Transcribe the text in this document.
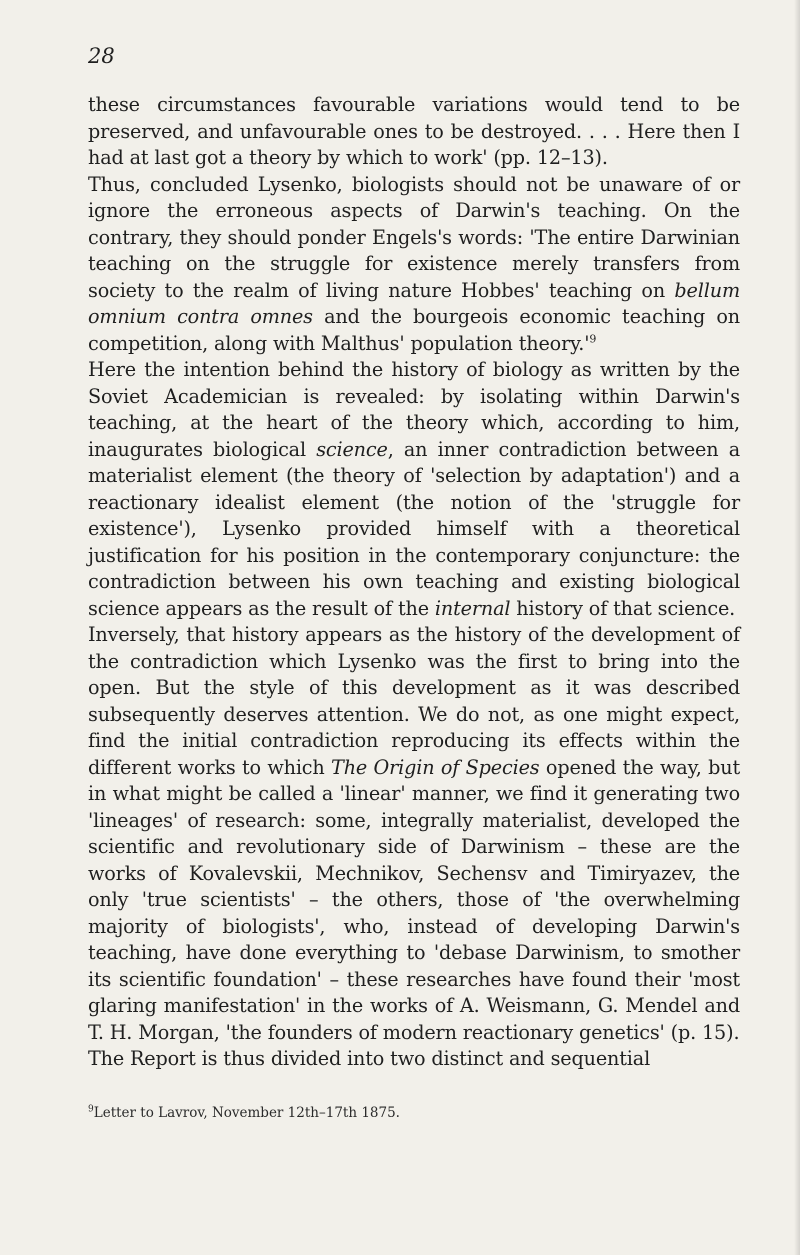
28

these circumstances favourable variations would tend to be preserved, and unfavourable ones to be destroyed. . . . Here then I had at last got a theory by which to work' (pp. 12–13).

Thus, concluded Lysenko, biologists should not be unaware of or ignore the erroneous aspects of Darwin's teaching. On the contrary, they should ponder Engels's words: 'The entire Darwinian teaching on the struggle for existence merely transfers from society to the realm of living nature Hobbes' teaching on bellum omnium contra omnes and the bourgeois economic teaching on competition, along with Malthus' population theory.'$^9$

Here the intention behind the history of biology as written by the Soviet Academician is revealed: by isolating within Darwin's teaching, at the heart of the theory which, according to him, inaugurates biological science, an inner contradiction between a materialist element (the theory of 'selection by adaptation') and a reactionary idealist element (the notion of the 'struggle for existence'), Lysenko provided himself with a theoretical justification for his position in the contemporary conjuncture: the contradiction between his own teaching and existing biological science appears as the result of the internal history of that science.

Inversely, that history appears as the history of the development of the contradiction which Lysenko was the first to bring into the open. But the style of this development as it was described subsequently deserves attention. We do not, as one might expect, find the initial contradiction reproducing its effects within the different works to which The Origin of Species opened the way, but in what might be called a 'linear' manner, we find it generating two 'lineages' of research: some, integrally materialist, developed the scientific and revolutionary side of Darwinism – these are the works of Kovalevskii, Mechnikov, Sechensv and Timiryazev, the only 'true scientists' – the others, those of 'the overwhelming majority of biologists', who, instead of developing Darwin's teaching, have done everything to 'debase Darwinism, to smother its scientific foundation' – these researches have found their 'most glaring manifestation' in the works of A. Weismann, G. Mendel and T. H. Morgan, 'the founders of modern reactionary genetics' (p. 15).

The Report is thus divided into two distinct and sequential

$^9$Letter to Lavrov, November 12th–17th 1875.
